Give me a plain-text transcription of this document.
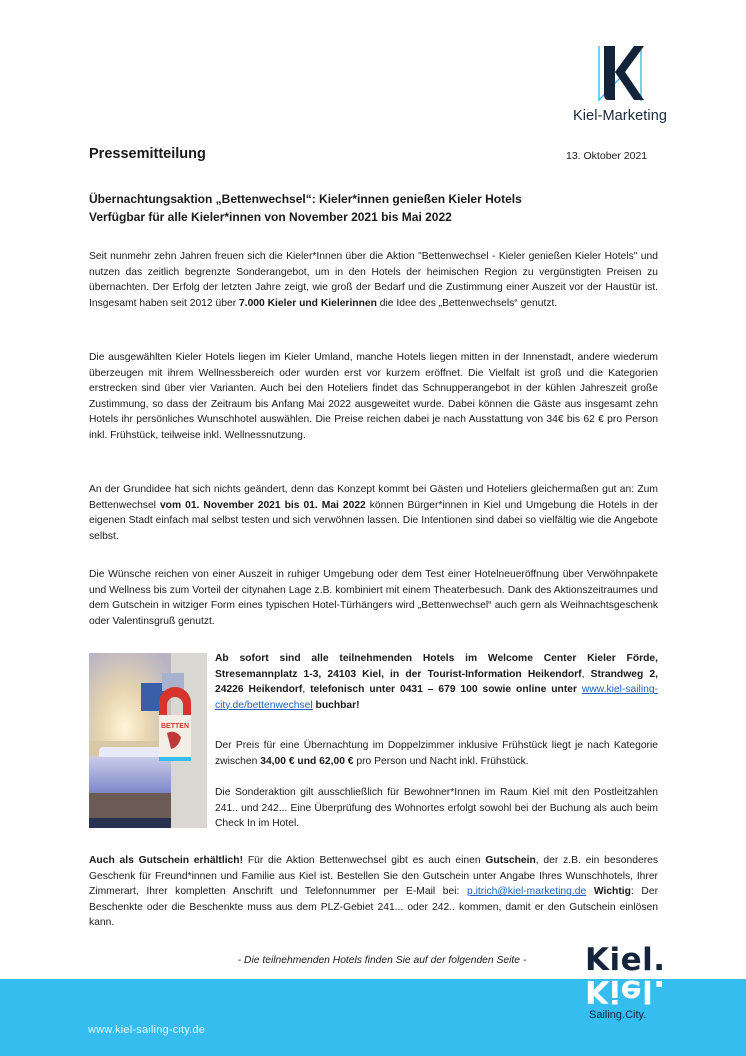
Kiel-Marketing
Pressemitteilung	13. Oktober 2021
Übernachtungsaktion „Bettenwechsel“: Kieler*innen genießen Kieler Hotels
Verfügbar für alle Kieler*innen von November 2021 bis Mai 2022
Seit nunmehr zehn Jahren freuen sich die Kieler*Innen über die Aktion "Bettenwechsel - Kieler genießen Kieler Hotels" und nutzen das zeitlich begrenzte Sonderangebot, um in den Hotels der heimischen Region zu vergünstigten Preisen zu übernachten. Der Erfolg der letzten Jahre zeigt, wie groß der Bedarf und die Zustimmung einer Auszeit vor der Haustür ist. Insgesamt haben seit 2012 über 7.000 Kieler und Kielerinnen die Idee des „Bettenwechsels“ genutzt.
Die ausgewählten Kieler Hotels liegen im Kieler Umland, manche Hotels liegen mitten in der Innenstadt, andere wiederum überzeugen mit ihrem Wellnessbereich oder wurden erst vor kurzem eröffnet. Die Vielfalt ist groß und die Kategorien erstrecken sind über vier Varianten. Auch bei den Hoteliers findet das Schnupperangebot in der kühlen Jahreszeit große Zustimmung, so dass der Zeitraum bis Anfang Mai 2022 ausgeweitet wurde. Dabei können die Gäste aus insgesamt zehn Hotels ihr persönliches Wunschhotel auswählen. Die Preise reichen dabei je nach Ausstattung von 34€ bis 62 € pro Person inkl. Frühstück, teilweise inkl. Wellnessnutzung.
An der Grundidee hat sich nichts geändert, denn das Konzept kommt bei Gästen und Hoteliers gleichermaßen gut an: Zum Bettenwechsel vom 01. November 2021 bis 01. Mai 2022 können Bürger*innen in Kiel und Umgebung die Hotels in der eigenen Stadt einfach mal selbst testen und sich verwöhnen lassen. Die Intentionen sind dabei so vielfältig wie die Angebote selbst.
Die Wünsche reichen von einer Auszeit in ruhiger Umgebung oder dem Test einer Hotelneueröffnung über Verwöhnpakete und Wellness bis zum Vorteil der citynahen Lage z.B. kombiniert mit einem Theaterbesuch. Dank des Aktionszeitraumes und dem Gutschein in witziger Form eines typischen Hotel-Türhängers wird „Bettenwechsel“ auch gern als Weihnachtsgeschenk oder Valentinsgruß genutzt.
BETTEN
Ab sofort sind alle teilnehmenden Hotels im Welcome Center Kieler Förde, Stresemannplatz 1-3, 24103 Kiel, in der Tourist-Information Heikendorf, Strandweg 2, 24226 Heikendorf, telefonisch unter 0431 – 679 100 sowie online unter www.kiel-sailing-city.de/bettenwechsel buchbar!
Der Preis für eine Übernachtung im Doppelzimmer inklusive Frühstück liegt je nach Kategorie zwischen 34,00 € und 62,00 € pro Person und Nacht inkl. Frühstück.
Die Sonderaktion gilt ausschließlich für Bewohner*Innen im Raum Kiel mit den Postleitzahlen 241.. und 242... Eine Überprüfung des Wohnortes erfolgt sowohl bei der Buchung als auch beim Check In im Hotel.
Auch als Gutschein erhältlich! Für die Aktion Bettenwechsel gibt es auch einen Gutschein, der z.B. ein besonderes Geschenk für Freund*innen und Familie aus Kiel ist. Bestellen Sie den Gutschein unter Angabe Ihres Wunschhotels, Ihrer Zimmerart, Ihrer kompletten Anschrift und Telefonnummer per E-Mail bei: p.itrich@kiel-marketing.de Wichtig: Der Beschenkte oder die Beschenkte muss aus dem PLZ-Gebiet 241... oder 242.. kommen, damit er den Gutschein einlösen kann.
- Die teilnehmenden Hotels finden Sie auf der folgenden Seite -
www.kiel-sailing-city.de
Kiel.
Kiel.
Sailing.City.
